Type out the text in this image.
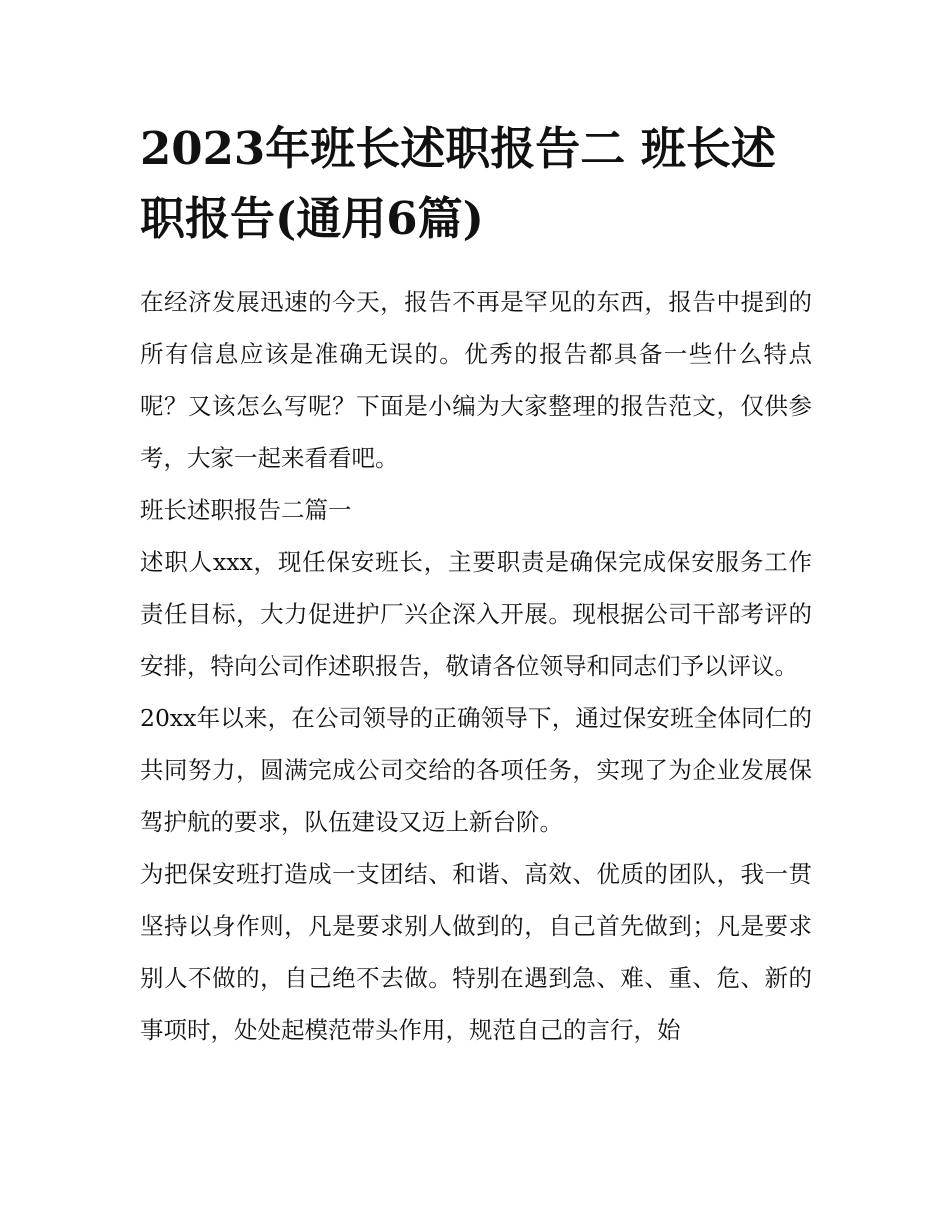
2023年班长述职报告二 班长述职报告(通用6篇)

在经济发展迅速的今天，报告不再是罕见的东西，报告中提到的所有信息应该是准确无误的。优秀的报告都具备一些什么特点呢？又该怎么写呢？下面是小编为大家整理的报告范文，仅供参考，大家一起来看看吧。

班长述职报告二篇一

述职人xxx，现任保安班长，主要职责是确保完成保安服务工作责任目标，大力促进护厂兴企深入开展。现根据公司干部考评的安排，特向公司作述职报告，敬请各位领导和同志们予以评议。

20xx年以来，在公司领导的正确领导下，通过保安班全体同仁的共同努力，圆满完成公司交给的各项任务，实现了为企业发展保驾护航的要求，队伍建设又迈上新台阶。

为把保安班打造成一支团结、和谐、高效、优质的团队，我一贯坚持以身作则，凡是要求别人做到的，自己首先做到；凡是要求别人不做的，自己绝不去做。特别在遇到急、难、重、危、新的事项时，处处起模范带头作用，规范自己的言行，始
